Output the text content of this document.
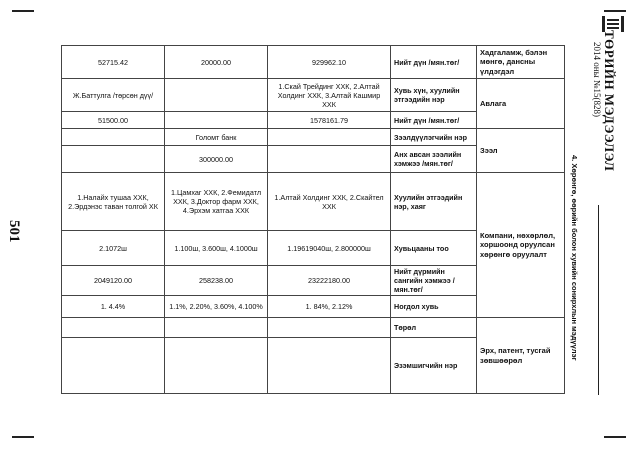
501
ТӨРИЙН МЭДЭЭЛЭЛ
2014 оны №15(828)
4. Хөрөнгө, өөрийн болон хувийн сонирхлын мэдүүлэг
52715.42	20000.00	929962.10	Нийт дүн /мян.төг/	Хадгаламж, бэлэн мөнгө, дансны үлдэгдэл
Ж.Баттулга /төрсөн дүү/		1.Скай Трейдинг ХХК, 2.Алтай Холдинг ХХК, 3.Алтай Кашмир ХХК	Хувь хүн, хуулийн этгээдийн нэр	Авлага
51500.00		1578161.79	Нийт дүн /мян.төг/	
	Голомт банк		Зээлдүүлэгчийн нэр	Зээл
	300000.00		Анх авсан зээлийн хэмжээ /мян.төг/	
1.Налайх тушаа ХХК, 2.Эрдэнэс таван толгой ХК	1.Цамхаг ХХК, 2.Фемидатл ХХК, 3.Доктор фарм ХХК, 4.Эрхэм хатгаа ХХК	1.Алтай Холдинг ХХК, 2.Скайтел ХХК	Хуулийн этгээдийн нэр, хаяг	Компани, нөхөрлөл, хоршоонд оруулсан хөрөнгө оруулалт
2.1072ш	1.100ш, 3.600ш, 4.1000ш	1.19619040ш, 2.800000ш	Хувьцааны тоо	
2049120.00	258238.00	23222180.00	Нийт дүрмийн сангийн хэмжээ /мян.төг/	
1. 4.4%	1.1%, 2.20%, 3.60%, 4.100%	1. 84%, 2.12%	Ногдол хувь	
			Төрөл	Эрх, патент, тусгай зөвшөөрөл
			Эзэмшигчийн нэр	
